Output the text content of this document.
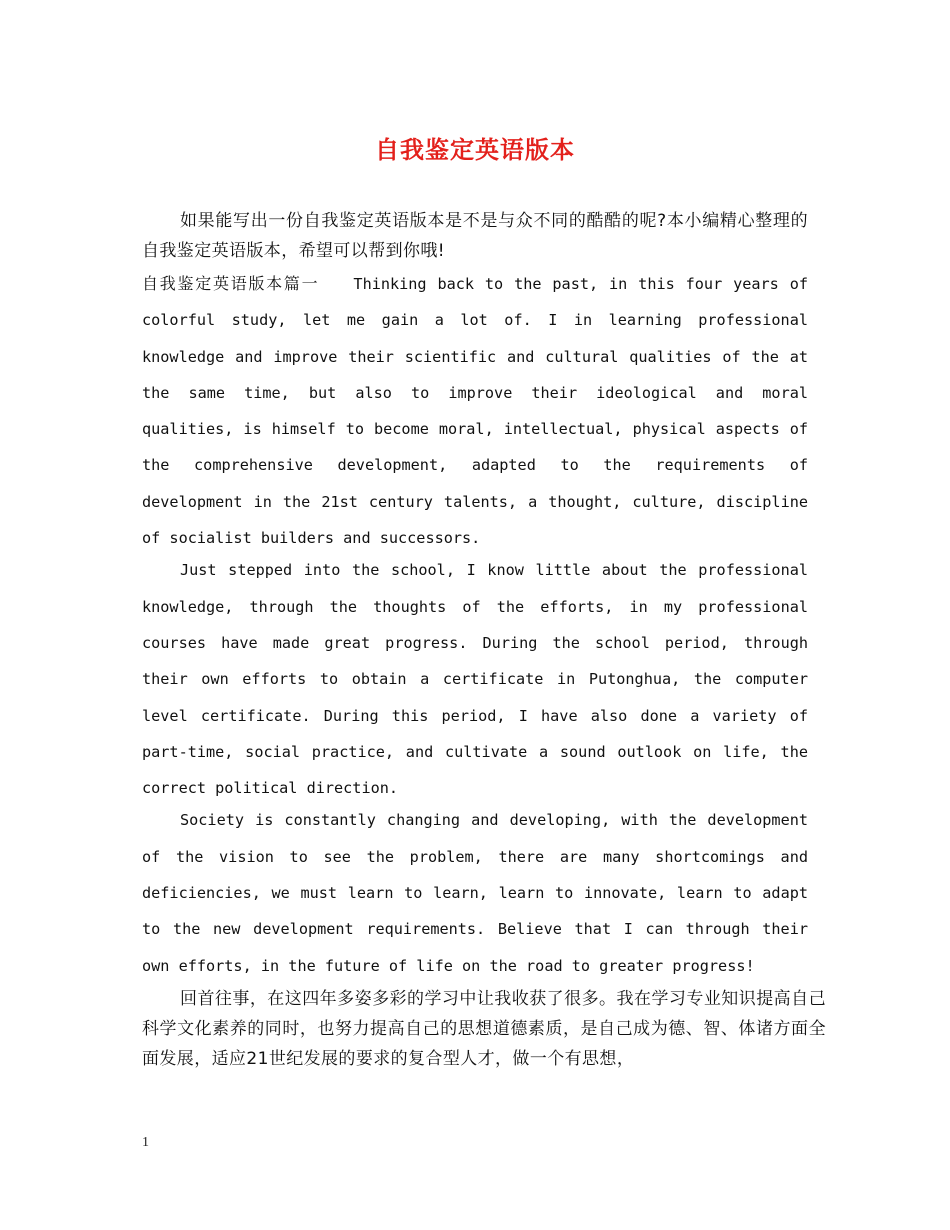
自我鉴定英语版本

如果能写出一份自我鉴定英语版本是不是与众不同的酷酷的呢?本小编精心整理的自我鉴定英语版本，希望可以帮到你哦!

自我鉴定英语版本篇一 Thinking back to the past, in this four years of colorful study, let me gain a lot of. I in learning professional knowledge and improve their scientific and cultural qualities of the at the same time, but also to improve their ideological and moral qualities, is himself to become moral, intellectual, physical aspects of the comprehensive development, adapted to the requirements of development in the 21st century talents, a thought, culture, discipline of socialist builders and successors.

Just stepped into the school, I know little about the professional knowledge, through the thoughts of the efforts, in my professional courses have made great progress. During the school period, through their own efforts to obtain a certificate in Putonghua, the computer level certificate. During this period, I have also done a variety of part-time, social practice, and cultivate a sound outlook on life, the correct political direction.

Society is constantly changing and developing, with the development of the vision to see the problem, there are many shortcomings and deficiencies, we must learn to learn, learn to innovate, learn to adapt to the new development requirements. Believe that I can through their own efforts, in the future of life on the road to greater progress!

回首往事，在这四年多姿多彩的学习中让我收获了很多。我在学习专业知识提高自己科学文化素养的同时，也努力提高自己的思想道德素质，是自己成为德、智、体诸方面全面发展，适应21世纪发展的要求的复合型人才，做一个有思想，

1
